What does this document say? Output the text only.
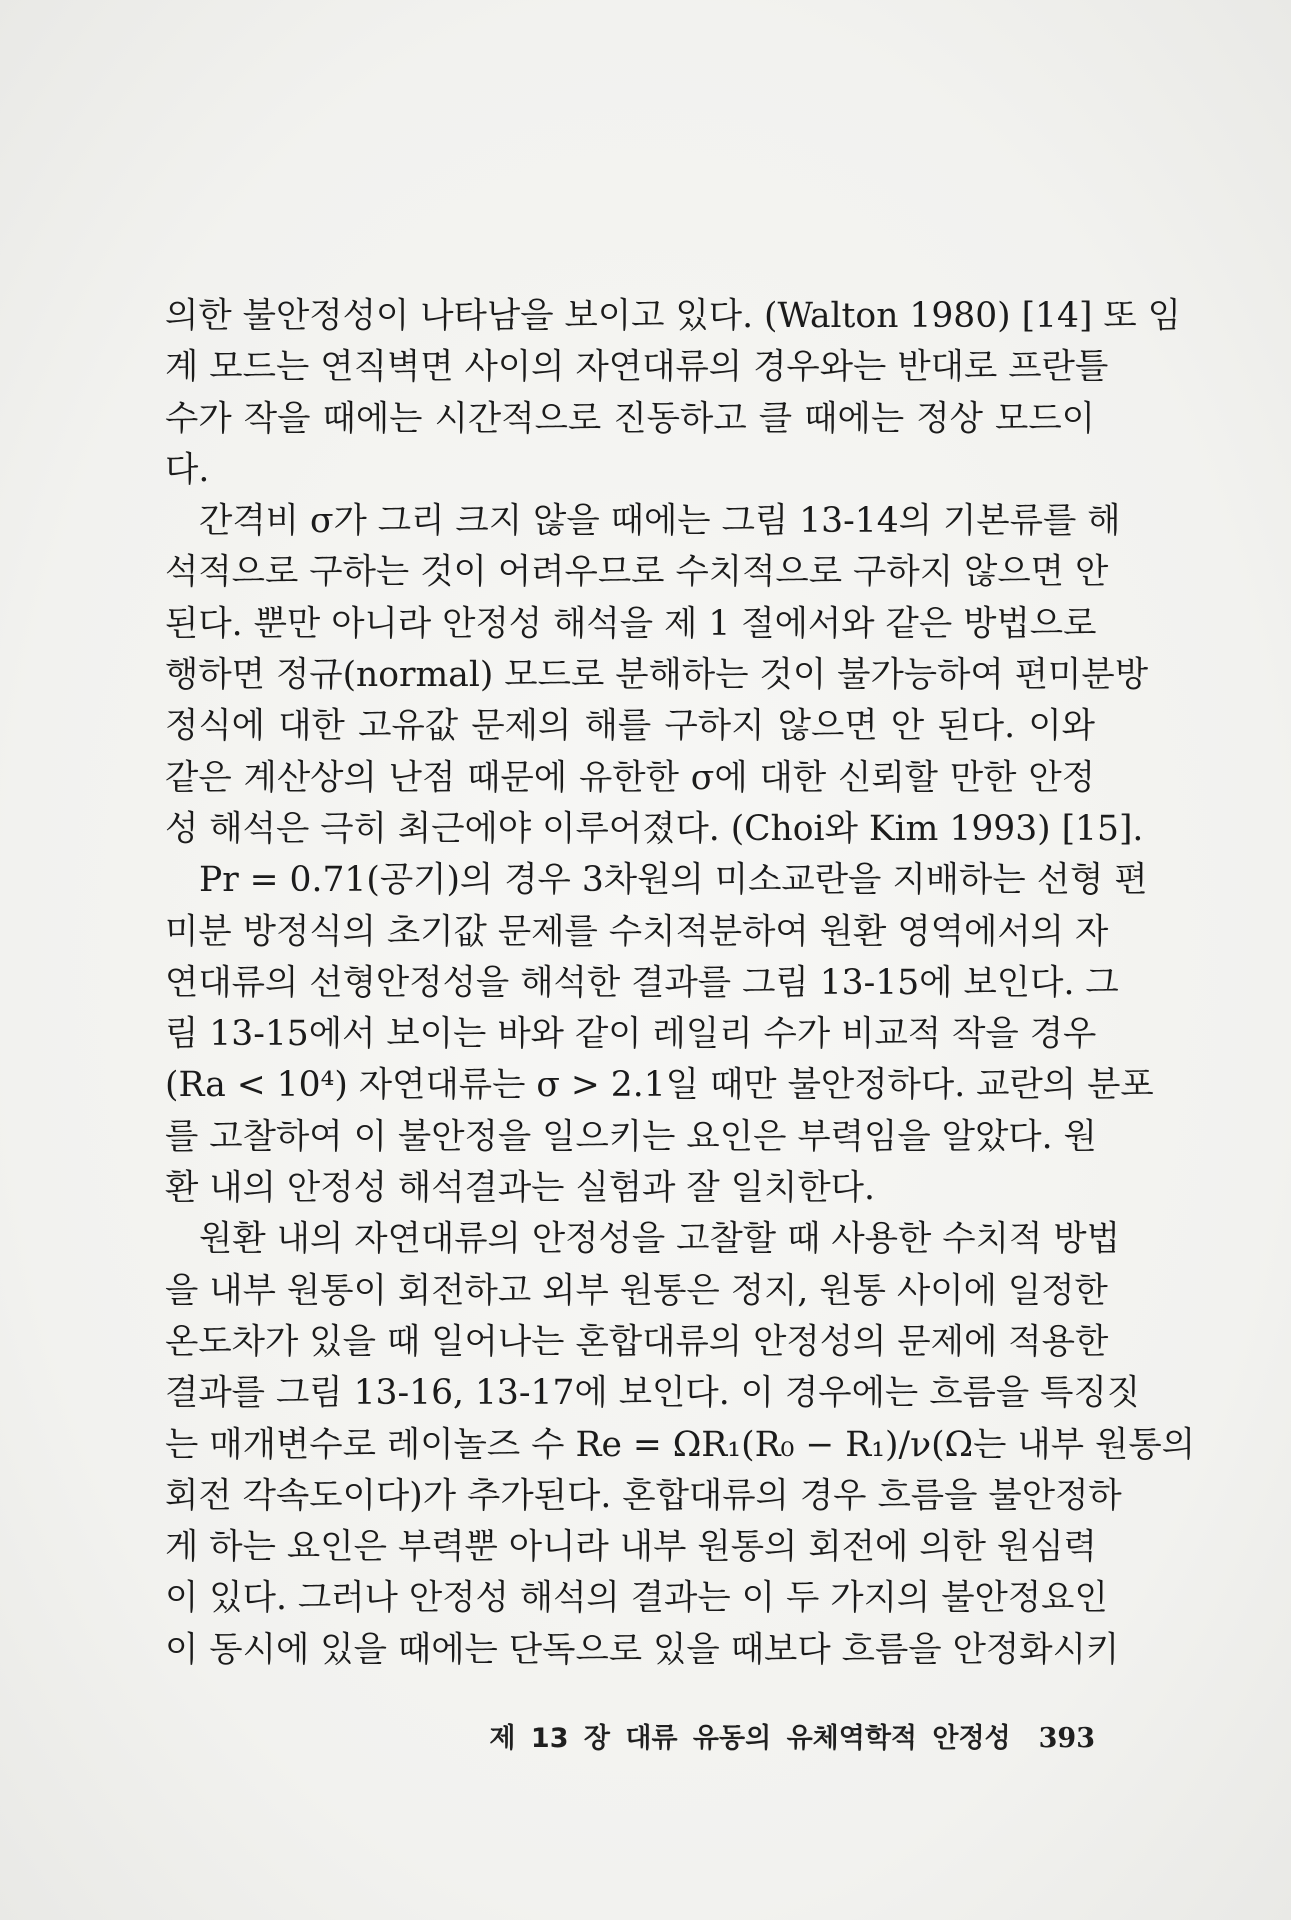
의한 불안정성이 나타남을 보이고 있다. (Walton 1980) [14] 또 임
계 모드는 연직벽면 사이의 자연대류의 경우와는 반대로 프란틀
수가 작을 때에는 시간적으로 진동하고 클 때에는 정상 모드이
다.
간격비 σ가 그리 크지 않을 때에는 그림 13-14의 기본류를 해
석적으로 구하는 것이 어려우므로 수치적으로 구하지 않으면 안
된다. 뿐만 아니라 안정성 해석을 제 1 절에서와 같은 방법으로
행하면 정규(normal) 모드로 분해하는 것이 불가능하여 편미분방
정식에 대한 고유값 문제의 해를 구하지 않으면 안 된다. 이와
같은 계산상의 난점 때문에 유한한 σ에 대한 신뢰할 만한 안정
성 해석은 극히 최근에야 이루어졌다. (Choi와 Kim 1993) [15].
Pr = 0.71(공기)의 경우 3차원의 미소교란을 지배하는 선형 편
미분 방정식의 초기값 문제를 수치적분하여 원환 영역에서의 자
연대류의 선형안정성을 해석한 결과를 그림 13-15에 보인다. 그
림 13-15에서 보이는 바와 같이 레일리 수가 비교적 작을 경우
(Ra < 10⁴) 자연대류는 σ > 2.1일 때만 불안정하다. 교란의 분포
를 고찰하여 이 불안정을 일으키는 요인은 부력임을 알았다. 원
환 내의 안정성 해석결과는 실험과 잘 일치한다.
원환 내의 자연대류의 안정성을 고찰할 때 사용한 수치적 방법
을 내부 원통이 회전하고 외부 원통은 정지, 원통 사이에 일정한
온도차가 있을 때 일어나는 혼합대류의 안정성의 문제에 적용한
결과를 그림 13-16, 13-17에 보인다. 이 경우에는 흐름을 특징짓
는 매개변수로 레이놀즈 수 Re = ΩR₁(R₀ − R₁)/ν(Ω는 내부 원통의
회전 각속도이다)가 추가된다. 혼합대류의 경우 흐름을 불안정하
게 하는 요인은 부력뿐 아니라 내부 원통의 회전에 의한 원심력
이 있다. 그러나 안정성 해석의 결과는 이 두 가지의 불안정요인
이 동시에 있을 때에는 단독으로 있을 때보다 흐름을 안정화시키
제 13 장 대류 유동의 유체역학적 안정성 393
